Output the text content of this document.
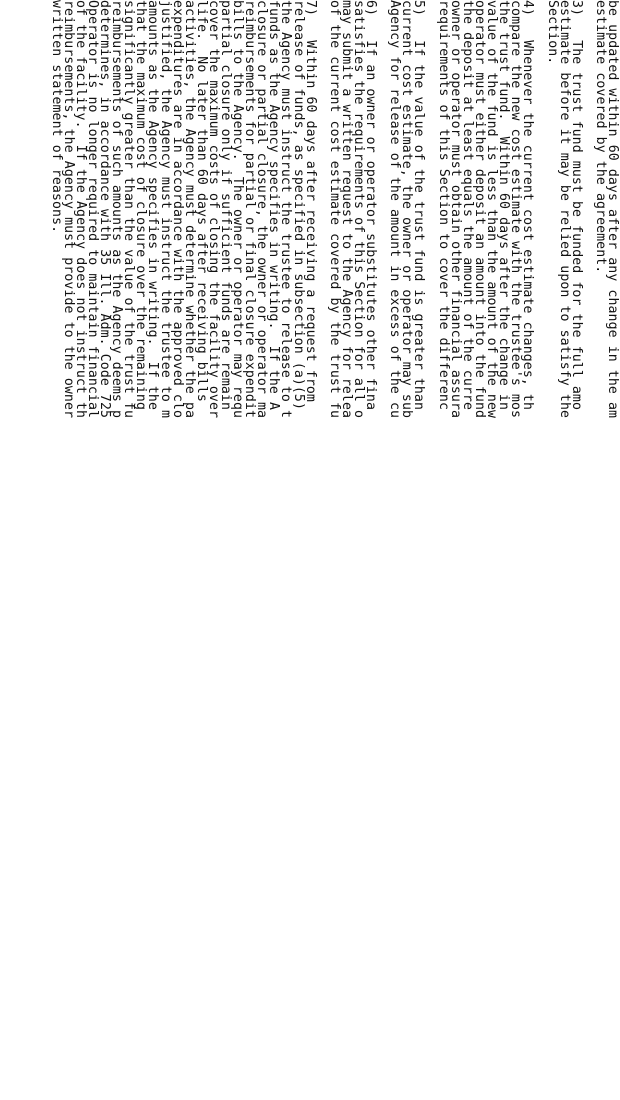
be updated within 60 days after any change in the am
estimate covered by the agreement.
3)   The trust fund must be funded for the full amo
estimate before it may be relied upon to satisfy the
Section.
4)   Whenever the current cost estimate changes, th
compare the new cost estimate with the trustee's mos
the trust fund.  Within 60 days after the change in
value of the fund is less than the amount of the new
operator must either deposit an amount into the fund
the deposit at least equals the amount of the curre
owner or operator must obtain other financial assura
requirements of this Section to cover the differenc
5)   If the value of the trust fund is greater than
current cost estimate, the owner or operator may sub
Agency for release of the amount in excess of the cu
6)   If an owner or operator substitutes other fina
satisfies the requirements of this Section for all o
may submit a written request to the Agency for relea
of the current cost estimate covered by the trust fu
7)   Within 60 days after receiving a request from
release of funds, as specified in subsection (a)(5)
the Agency must instruct the trustee to release to t
funds as the Agency specifies in writing.  If the A
closure or partial closure, the owner or operator ma
reimbursements for partial or final closure expendit
bills to the Agency.  The owner or operator may requ
partial closure only if sufficient funds are remain
cover the maximum costs of closing the facility over
life.  No later than 60 days after receiving bills
activities, the Agency must determine whether the pa
expenditures are in accordance with the approved clo
justified, the Agency must instruct the trustee to m
amounts as the Agency specifies in writing.  If the
that the maximum cost of closure over the remaining
significantly greater than the value of the trust fu
reimbursements of such amounts as the Agency deems p
determines, in accordance with 35 Ill. Adm. Code 725
Operator is no longer required to maintain financial
of the facility.  If the Agency does not instruct th
reimbursements, the Agency must provide to the owner
written statement of reasons.
